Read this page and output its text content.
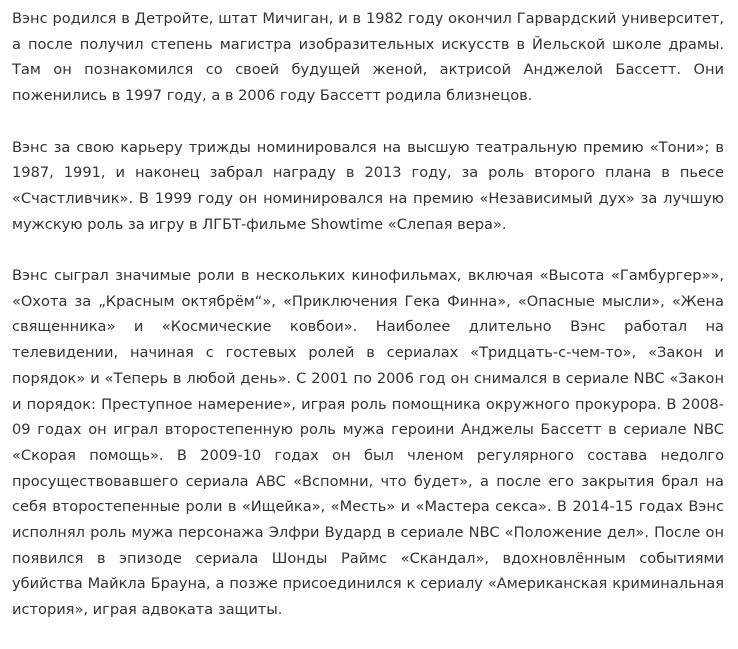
Вэнс родился в Детройте, штат Мичиган, и в 1982 году окончил Гарвардский университет, а после получил степень магистра изобразительных искусств в Йельской школе драмы. Там он познакомился со своей будущей женой, актрисой Анджелой Бассетт. Они поженились в 1997 году, а в 2006 году Бассетт родила близнецов.

Вэнс за свою карьеру трижды номинировался на высшую театральную премию «Тони»; в 1987, 1991, и наконец забрал награду в 2013 году, за роль второго плана в пьесе «Счастливчик». В 1999 году он номинировался на премию «Независимый дух» за лучшую мужскую роль за игру в ЛГБТ-фильме Showtime «Слепая вера».

Вэнс сыграл значимые роли в нескольких кинофильмах, включая «Высота «Гамбургер»», «Охота за „Красным октябрём“», «Приключения Гека Финна», «Опасные мысли», «Жена священника» и «Космические ковбои». Наиболее длительно Вэнс работал на телевидении, начиная с гостевых ролей в сериалах «Тридцать-с-чем-то», «Закон и порядок» и «Теперь в любой день». С 2001 по 2006 год он снимался в сериале NBC «Закон и порядок: Преступное намерение», играя роль помощника окружного прокурора. В 2008-09 годах он играл второстепенную роль мужа героини Анджелы Бассетт в сериале NBC «Скорая помощь». В 2009-10 годах он был членом регулярного состава недолго просуществовавшего сериала ABC «Вспомни, что будет», а после его закрытия брал на себя второстепенные роли в «Ищейка», «Месть» и «Мастера секса». В 2014-15 годах Вэнс исполнял роль мужа персонажа Элфри Вудард в сериале NBC «Положение дел». После он появился в эпизоде сериала Шонды Раймс «Скандал», вдохновлённым событиями убийства Майкла Брауна, а позже присоединился к сериалу «Американская криминальная история», играя адвоката защиты.
